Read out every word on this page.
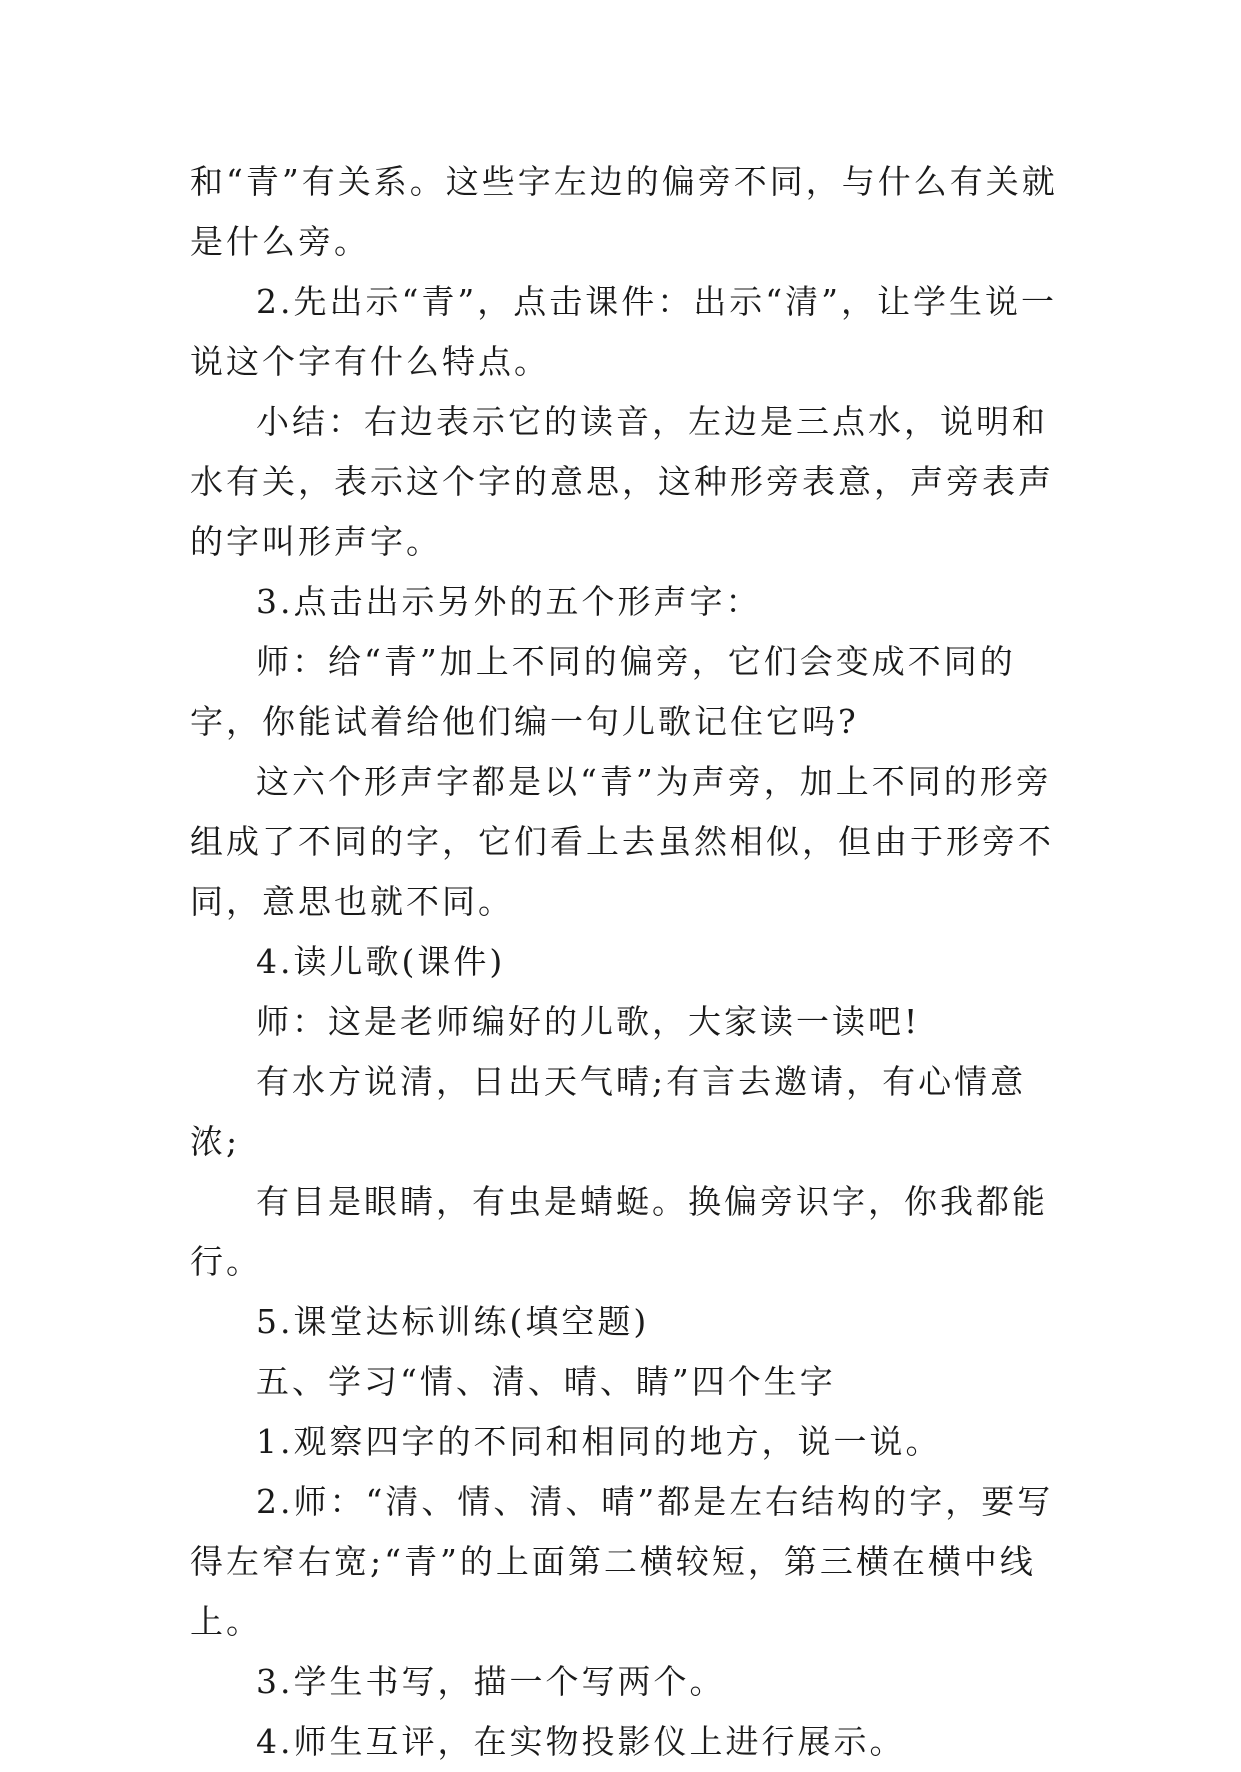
和“青”有关系。这些字左边的偏旁不同，与什么有关就是什么旁。

2.先出示“青”，点击课件：出示“清”，让学生说一说这个字有什么特点。

小结：右边表示它的读音，左边是三点水，说明和水有关，表示这个字的意思，这种形旁表意，声旁表声的字叫形声字。

3.点击出示另外的五个形声字：

师：给“青”加上不同的偏旁，它们会变成不同的字，你能试着给他们编一句儿歌记住它吗?

这六个形声字都是以“青”为声旁，加上不同的形旁组成了不同的字，它们看上去虽然相似，但由于形旁不同，意思也就不同。

4.读儿歌(课件)

师：这是老师编好的儿歌，大家读一读吧!

有水方说清，日出天气晴;有言去邀请，有心情意浓;

有目是眼睛，有虫是蜻蜓。换偏旁识字，你我都能行。

5.课堂达标训练(填空题)

五、学习“情、清、晴、睛”四个生字

1.观察四字的不同和相同的地方，说一说。

2.师：“清、情、清、晴”都是左右结构的字，要写得左窄右宽;“青”的上面第二横较短，第三横在横中线上。

3.学生书写，描一个写两个。

4.师生互评，在实物投影仪上进行展示。
